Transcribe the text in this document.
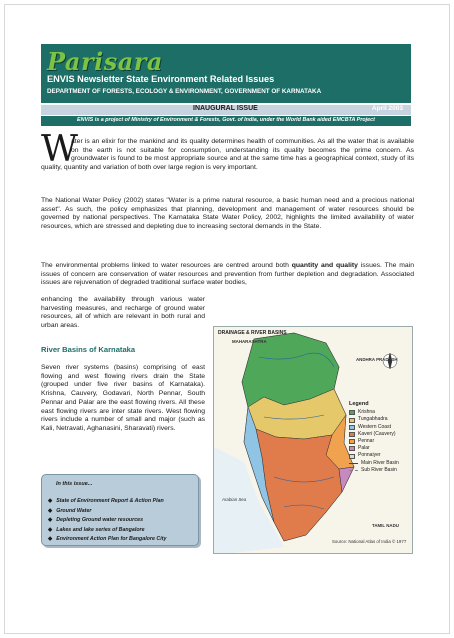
Parisara
ENVIS Newsletter State Environment Related Issues
DEPARTMENT OF FORESTS, ECOLOGY & ENVIRONMENT, GOVERNMENT OF KARNATAKA
INAUGURAL ISSUE	April 2003
ENVIS is a project of Ministry of Environment & Forests, Govt. of India, under the World Bank aided EMCBTA Project
W
ater is an elixir for the mankind and its quality determines health of communities. As all the water that is available on the earth is not suitable for consumption, understanding its quality becomes the prime concern. As groundwater is found to be most appropriate source and at the same time has a geographical context, study of its quality, quantity and variation of both over large region is very important.
The National Water Policy (2002) states "Water is a prime natural resource, a basic human need and a precious national asset". As such, the policy emphasizes that planning, development and management of water resources should be governed by national perspectives. The Karnataka State Water Policy, 2002, highlights the limited availability of water resources, which are stressed and depleting due to increasing sectoral demands in the State.
The environmental problems linked to water resources are centred around both quantity and quality issues. The main issues of concern are conservation of water resources and prevention from further depletion and degradation. Associated issues are rejuvenation of degraded traditional surface water bodies,
enhancing the availability through various water harvesting measures, and recharge of ground water resources, all of which are relevant in both rural and urban areas.
River Basins of Karnataka
Seven river systems (basins) comprising of east flowing and west flowing rivers drain the State (grouped under five river basins of Karnataka). Krishna, Cauvery, Godavari, North Pennar, South Pennar and Palar are the east flowing rivers. All these east flowing rivers are inter state rivers. West flowing rivers include a number of small and major (such as Kali, Netravati, Aghanasini, Sharavati) rivers.
DRAINAGE & RIVER BASINS
MAHARASHTRA
ANDHRA PRADESH
TAMIL NADU
Arabian Sea
Source: National Atlas of India © 1977
Legend
Krishna
Tungabhadra
Western Coast
Kaveri (Cauvery)
Pennar
Palar
Ponnaiyer
Main River Basin
Sub River Basin
In this issue...
◆ State of Environment Report & Action Plan
◆ Ground Water
◆ Depleting Ground water resources
◆ Lakes and lake series of Bangalore
◆ Environment Action Plan for Bangalore City
